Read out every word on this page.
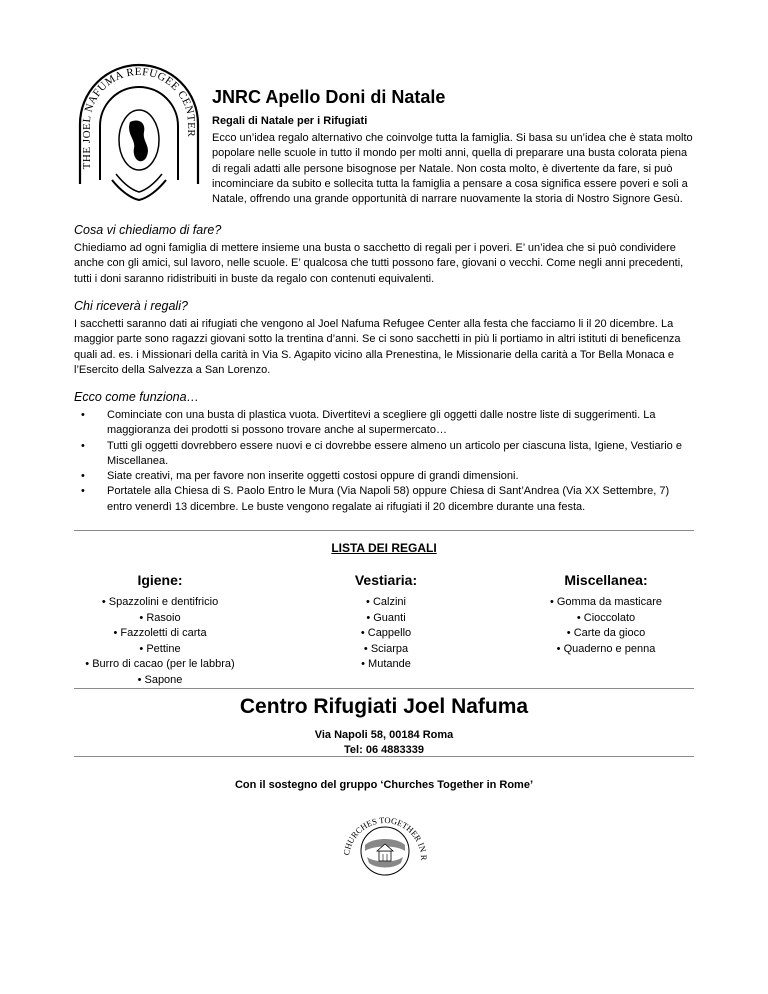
THE JOEL NAFUMA REFUGEE CENTER
JNRC Apello Doni di Natale

Regali di Natale per i Rifugiati

Ecco un’idea regalo alternativo che coinvolge tutta la famiglia. Si basa su un’idea che è stata molto popolare nelle scuole in tutto il mondo per molti anni, quella di preparare una busta colorata piena di regali adatti alle persone bisognose per Natale. Non costa molto, è divertente da fare, si può incominciare da subito e sollecita tutta la famiglia a pensare a cosa significa essere poveri e soli a Natale, offrendo una grande opportunità di narrare nuovamente la storia di Nostro Signore Gesù.

Cosa vi chiediamo di fare?

Chiediamo ad ogni famiglia di mettere insieme una busta o sacchetto di regali per i poveri. E’ un’idea che si può condividere anche con gli amici, sul lavoro, nelle scuole. E’ qualcosa che tutti possono fare, giovani o vecchi. Come negli anni precedenti, tutti i doni saranno ridistribuiti in buste da regalo con contenuti equivalenti.

Chi riceverà i regali?

I sacchetti saranno dati ai rifugiati che vengono al Joel Nafuma Refugee Center alla festa che facciamo li il 20 dicembre. La maggior parte sono ragazzi giovani sotto la trentina d’anni. Se ci sono sacchetti in più li portiamo in altri istituti di beneficenza quali ad. es. i Missionari della carità in Via S. Agapito vicino alla Prenestina, le Missionarie della carità a Tor Bella Monaca e l’Esercito della Salvezza a San Lorenzo.

Ecco come funziona…

• Cominciate con una busta di plastica vuota. Divertitevi a scegliere gli oggetti dalle nostre liste di suggerimenti. La maggioranza dei prodotti si possono trovare anche al supermercato…
• Tutti gli oggetti dovrebbero essere nuovi e ci dovrebbe essere almeno un articolo per ciascuna lista, Igiene, Vestiario e Miscellanea.
• Siate creativi, ma per favore non inserite oggetti costosi oppure di grandi dimensioni.
• Portatele alla Chiesa di S. Paolo Entro le Mura (Via Napoli 58) oppure Chiesa di Sant’Andrea (Via XX Settembre, 7) entro venerdì 13 dicembre. Le buste vengono regalate ai rifugiati il 20 dicembre durante una festa.
LISTA DEI REGALI

Igiene:

• Spazzolini e dentifricio
• Rasoio
• Fazzoletti di carta
• Pettine
• Burro di cacao (per le labbra)
• Sapone

Vestiaria:

• Calzini
• Guanti
• Cappello
• Sciarpa
• Mutande

Miscellanea:

• Gomma da masticare
• Cioccolato
• Carte da gioco
• Quaderno e penna

Centro Rifugiati Joel Nafuma

Via Napoli 58, 00184 Roma

Tel: 06 4883339

Con il sostegno del gruppo ‘Churches Together in Rome’
CHURCHES TOGETHER IN R
